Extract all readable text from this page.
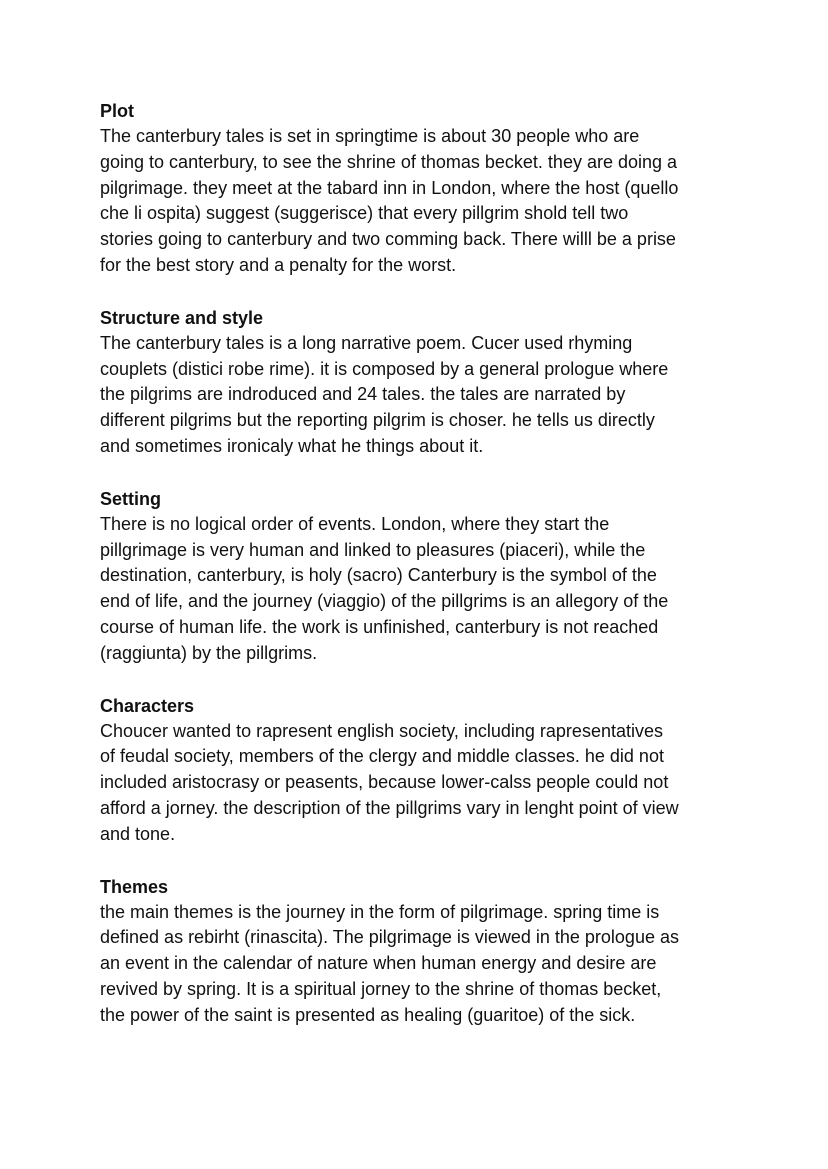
Plot

The canterbury tales is set in springtime is about 30 people who are

going to canterbury, to see the shrine of thomas becket. they are doing a

pilgrimage. they meet at the tabard inn in London, where the host (quello

che li ospita) suggest (suggerisce) that every pillgrim shold tell two

stories going to canterbury and two comming back. There willl be a prise

for the best story and a penalty for the worst.

Structure and style

The canterbury tales is a long narrative poem. Cucer used rhyming

couplets (distici robe rime). it is composed by a general prologue where

the pilgrims are indroduced and 24 tales. the tales are narrated by

different pilgrims but the reporting pilgrim is choser. he tells us directly

and sometimes ironicaly what he things about it.

Setting

There is no logical order of events. London, where they start the

pillgrimage is very human and linked to pleasures (piaceri), while the

destination, canterbury, is holy (sacro) Canterbury is the symbol of the

end of life, and the journey (viaggio) of the pillgrims is an allegory of the

course of human life. the work is unfinished, canterbury is not reached

(raggiunta) by the pillgrims.

Characters

Choucer wanted to rapresent english society, including rapresentatives

of feudal society, members of the clergy and middle classes. he did not

included aristocrasy or peasents, because lower-calss people could not

afford a jorney. the description of the pillgrims vary in lenght point of view

and tone.

Themes

the main themes is the journey in the form of pilgrimage. spring time is

defined as rebirht (rinascita). The pilgrimage is viewed in the prologue as

an event in the calendar of nature when human energy and desire are

revived by spring. It is a spiritual jorney to the shrine of thomas becket,

the power of the saint is presented as healing (guaritoe) of the sick.
